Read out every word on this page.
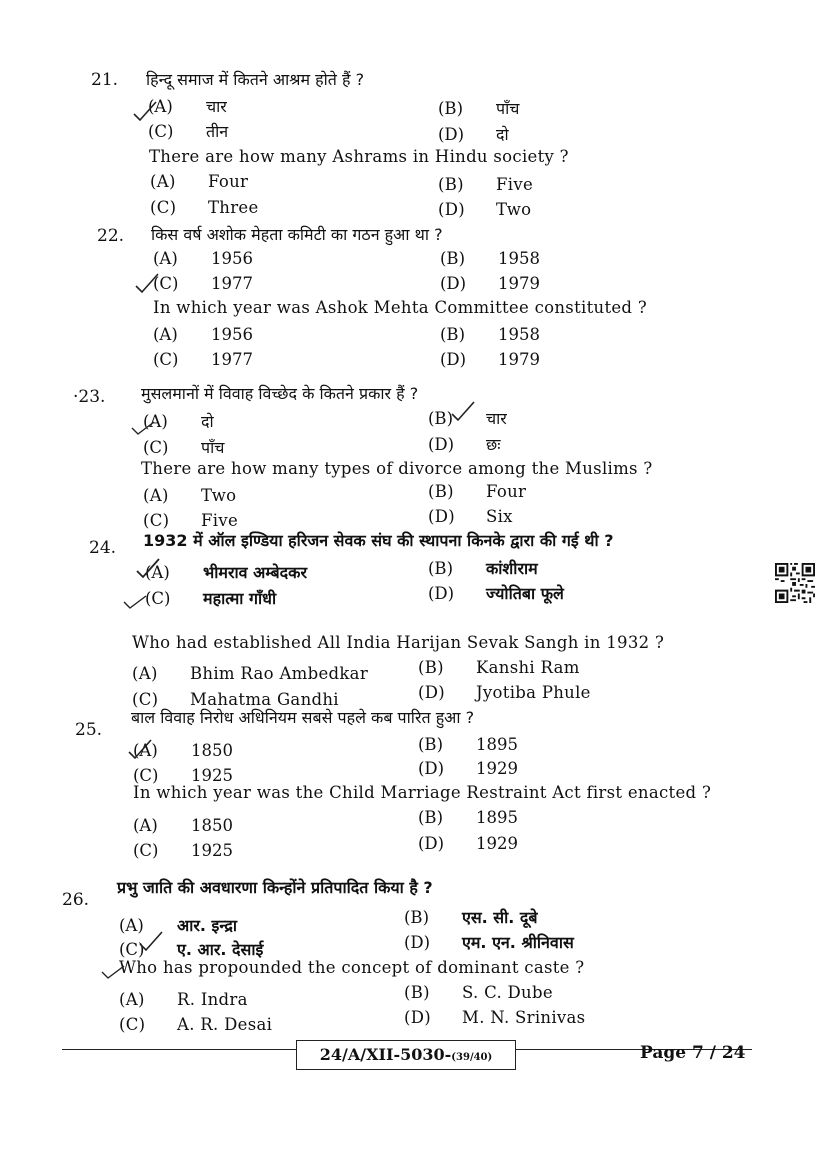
21.	हिन्दू समाज में कितने आश्रम होते हैं ?
(A) चार	(B) पाँच
(C) तीन	(D) दो
There are how many Ashrams in Hindu society ?
(A) Four	(B) Five
(C) Three	(D) Two
22.	किस वर्ष अशोक मेहता कमिटी का गठन हुआ था ?
(A) 1956	(B) 1958
(C) 1977	(D) 1979
In which year was Ashok Mehta Committee constituted ?
(A) 1956	(B) 1958
(C) 1977	(D) 1979
·23.	मुसलमानों में विवाह विच्छेद के कितने प्रकार हैं ?
(A) दो	(B) चार
(C) पाँच	(D) छः
There are how many types of divorce among the Muslims ?
(A) Two	(B) Four
(C) Five	(D) Six
24.	1932 में ऑल इण्डिया हरिजन सेवक संघ की स्थापना किनके द्वारा की गई थी ?
(A) भीमराव अम्बेदकर	(B) कांशीराम
(C) महात्मा गाँधी	(D) ज्योतिबा फूले
Who had established All India Harijan Sevak Sangh in 1932 ?
(A) Bhim Rao Ambedkar	(B) Kanshi Ram
(C) Mahatma Gandhi	(D) Jyotiba Phule
25.
बाल विवाह निरोध अधिनियम सबसे पहले कब पारित हुआ ?
(A) 1850	(B) 1895
(C) 1925	(D) 1929
In which year was the Child Marriage Restraint Act first enacted ?
(A) 1850	(B) 1895
(C) 1925	(D) 1929
26.
प्रभु जाति की अवधारणा किन्होंने प्रतिपादित किया है ?
(A) आर. इन्द्रा	(B) एस. सी. दूबे
(C) ए. आर. देसाई	(D) एम. एन. श्रीनिवास
Who has propounded the concept of dominant caste ?
(A) R. Indra	(B) S. C. Dube
(C) A. R. Desai	(D) M. N. Srinivas
24/A/XII-5030-(39/40)	Page 7 / 24
